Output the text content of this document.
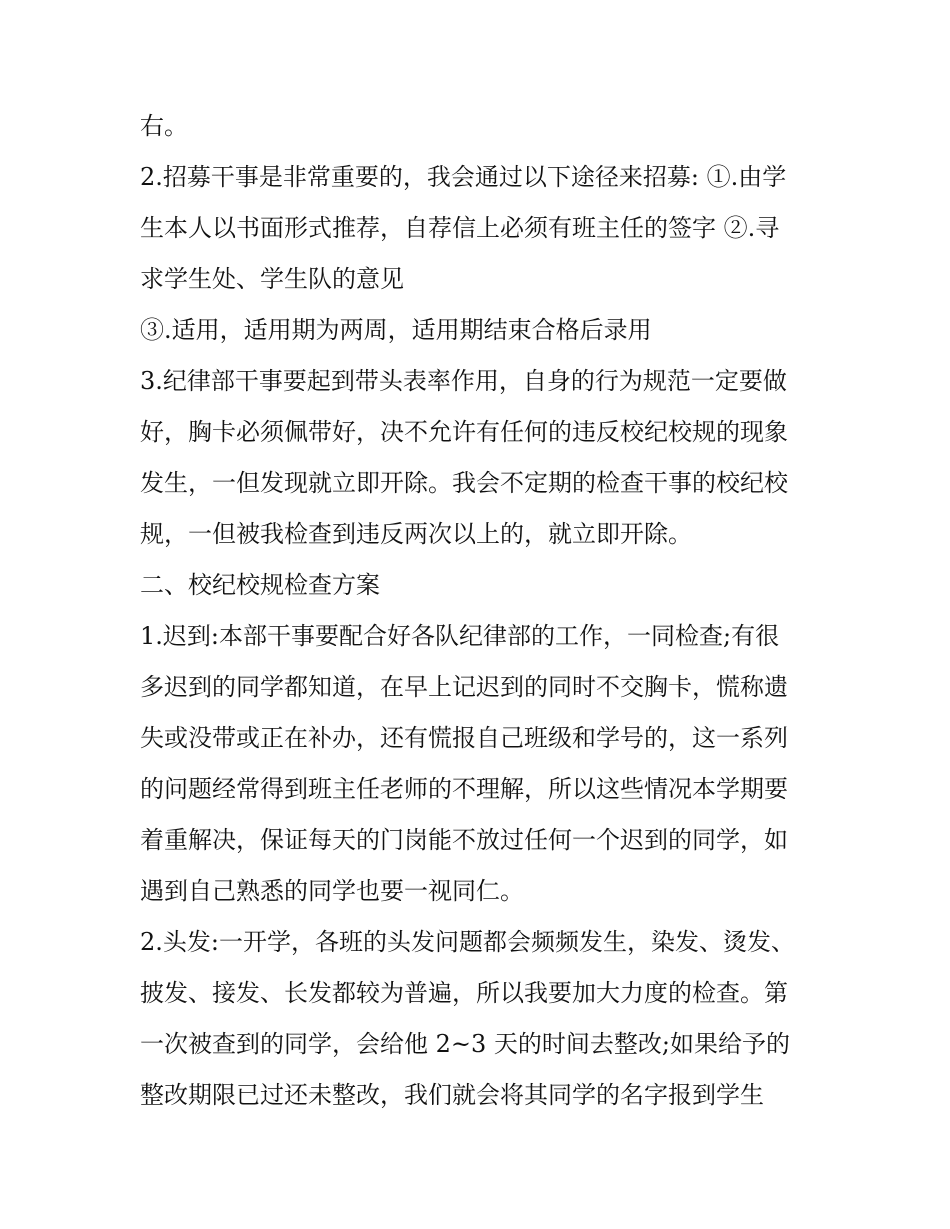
右。
2.招募干事是非常重要的，我会通过以下途径来招募: ①.由学
生本人以书面形式推荐，自荐信上必须有班主任的签字 ②.寻
求学生处、学生队的意见
③.适用，适用期为两周，适用期结束合格后录用
3.纪律部干事要起到带头表率作用，自身的行为规范一定要做
好，胸卡必须佩带好，决不允许有任何的违反校纪校规的现象
发生，一但发现就立即开除。我会不定期的检查干事的校纪校
规，一但被我检查到违反两次以上的，就立即开除。
二、校纪校规检查方案
1.迟到:本部干事要配合好各队纪律部的工作，一同检查;有很
多迟到的同学都知道，在早上记迟到的同时不交胸卡，慌称遗
失或没带或正在补办，还有慌报自己班级和学号的，这一系列
的问题经常得到班主任老师的不理解，所以这些情况本学期要
着重解决，保证每天的门岗能不放过任何一个迟到的同学，如
遇到自己熟悉的同学也要一视同仁。
2.头发:一开学，各班的头发问题都会频频发生，染发、烫发、
披发、接发、长发都较为普遍，所以我要加大力度的检查。第
一次被查到的同学，会给他 2~3 天的时间去整改;如果给予的
整改期限已过还未整改，我们就会将其同学的名字报到学生
